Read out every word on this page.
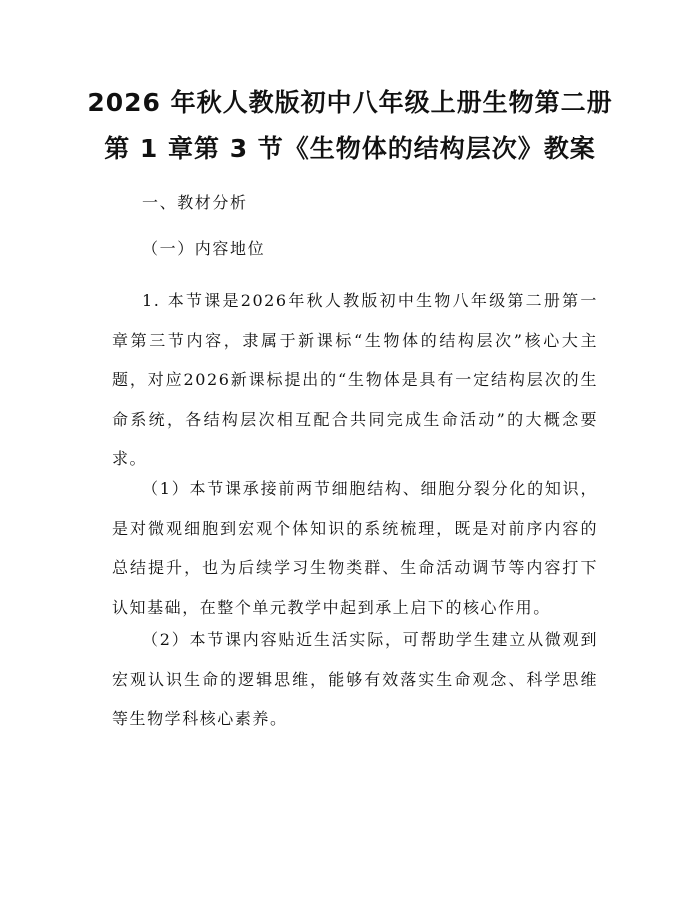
2026 年秋人教版初中八年级上册生物第二册
第 1 章第 3 节《生物体的结构层次》教案

一、教材分析

（一）内容地位

1. 本节课是2026年秋人教版初中生物八年级第二册第一章第三节内容，隶属于新课标“生物体的结构层次”核心大主题，对应2026新课标提出的“生物体是具有一定结构层次的生命系统，各结构层次相互配合共同完成生命活动”的大概念要求。

（1）本节课承接前两节细胞结构、细胞分裂分化的知识，是对微观细胞到宏观个体知识的系统梳理，既是对前序内容的总结提升，也为后续学习生物类群、生命活动调节等内容打下认知基础，在整个单元教学中起到承上启下的核心作用。

（2）本节课内容贴近生活实际，可帮助学生建立从微观到宏观认识生命的逻辑思维，能够有效落实生命观念、科学思维等生物学科核心素养。
